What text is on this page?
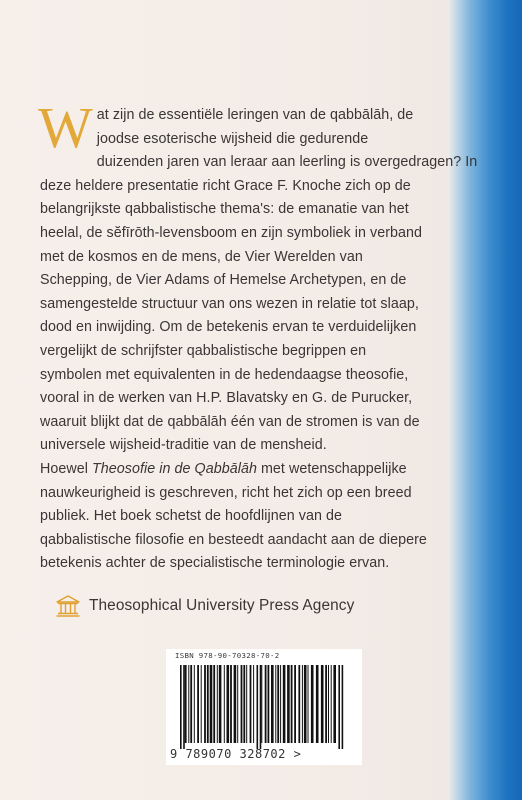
W at zijn de essentiële leringen van de qabbālāh, de
joodse esoterische wijsheid die gedurende
duizenden jaren van leraar aan leerling is overgedragen? In
deze heldere presentatie richt Grace F. Knoche zich op de
belangrijkste qabbalistische thema's: de emanatie van het
heelal, de sĕfīrōth-levensboom en zijn symboliek in verband
met de kosmos en de mens, de Vier Werelden van
Schepping, de Vier Adams of Hemelse Archetypen, en de
samengestelde structuur van ons wezen in relatie tot slaap,
dood en inwijding. Om de betekenis ervan te verduidelijken
vergelijkt de schrijfster qabbalistische begrippen en
symbolen met equivalenten in de hedendaagse theosofie,
vooral in de werken van H.P. Blavatsky en G. de Purucker,
waaruit blijkt dat de qabbālāh één van de stromen is van de
universele wijsheid-traditie van de mensheid.
Hoewel Theosofie in de Qabbālāh met wetenschappelijke
nauwkeurigheid is geschreven, richt het zich op een breed
publiek. Het boek schetst de hoofdlijnen van de
qabbalistische filosofie en besteedt aandacht aan de diepere
betekenis achter de specialistische terminologie ervan.
Theosophical University Press Agency
ISBN 978-90-70328-70-2
9 789070 328702 >
